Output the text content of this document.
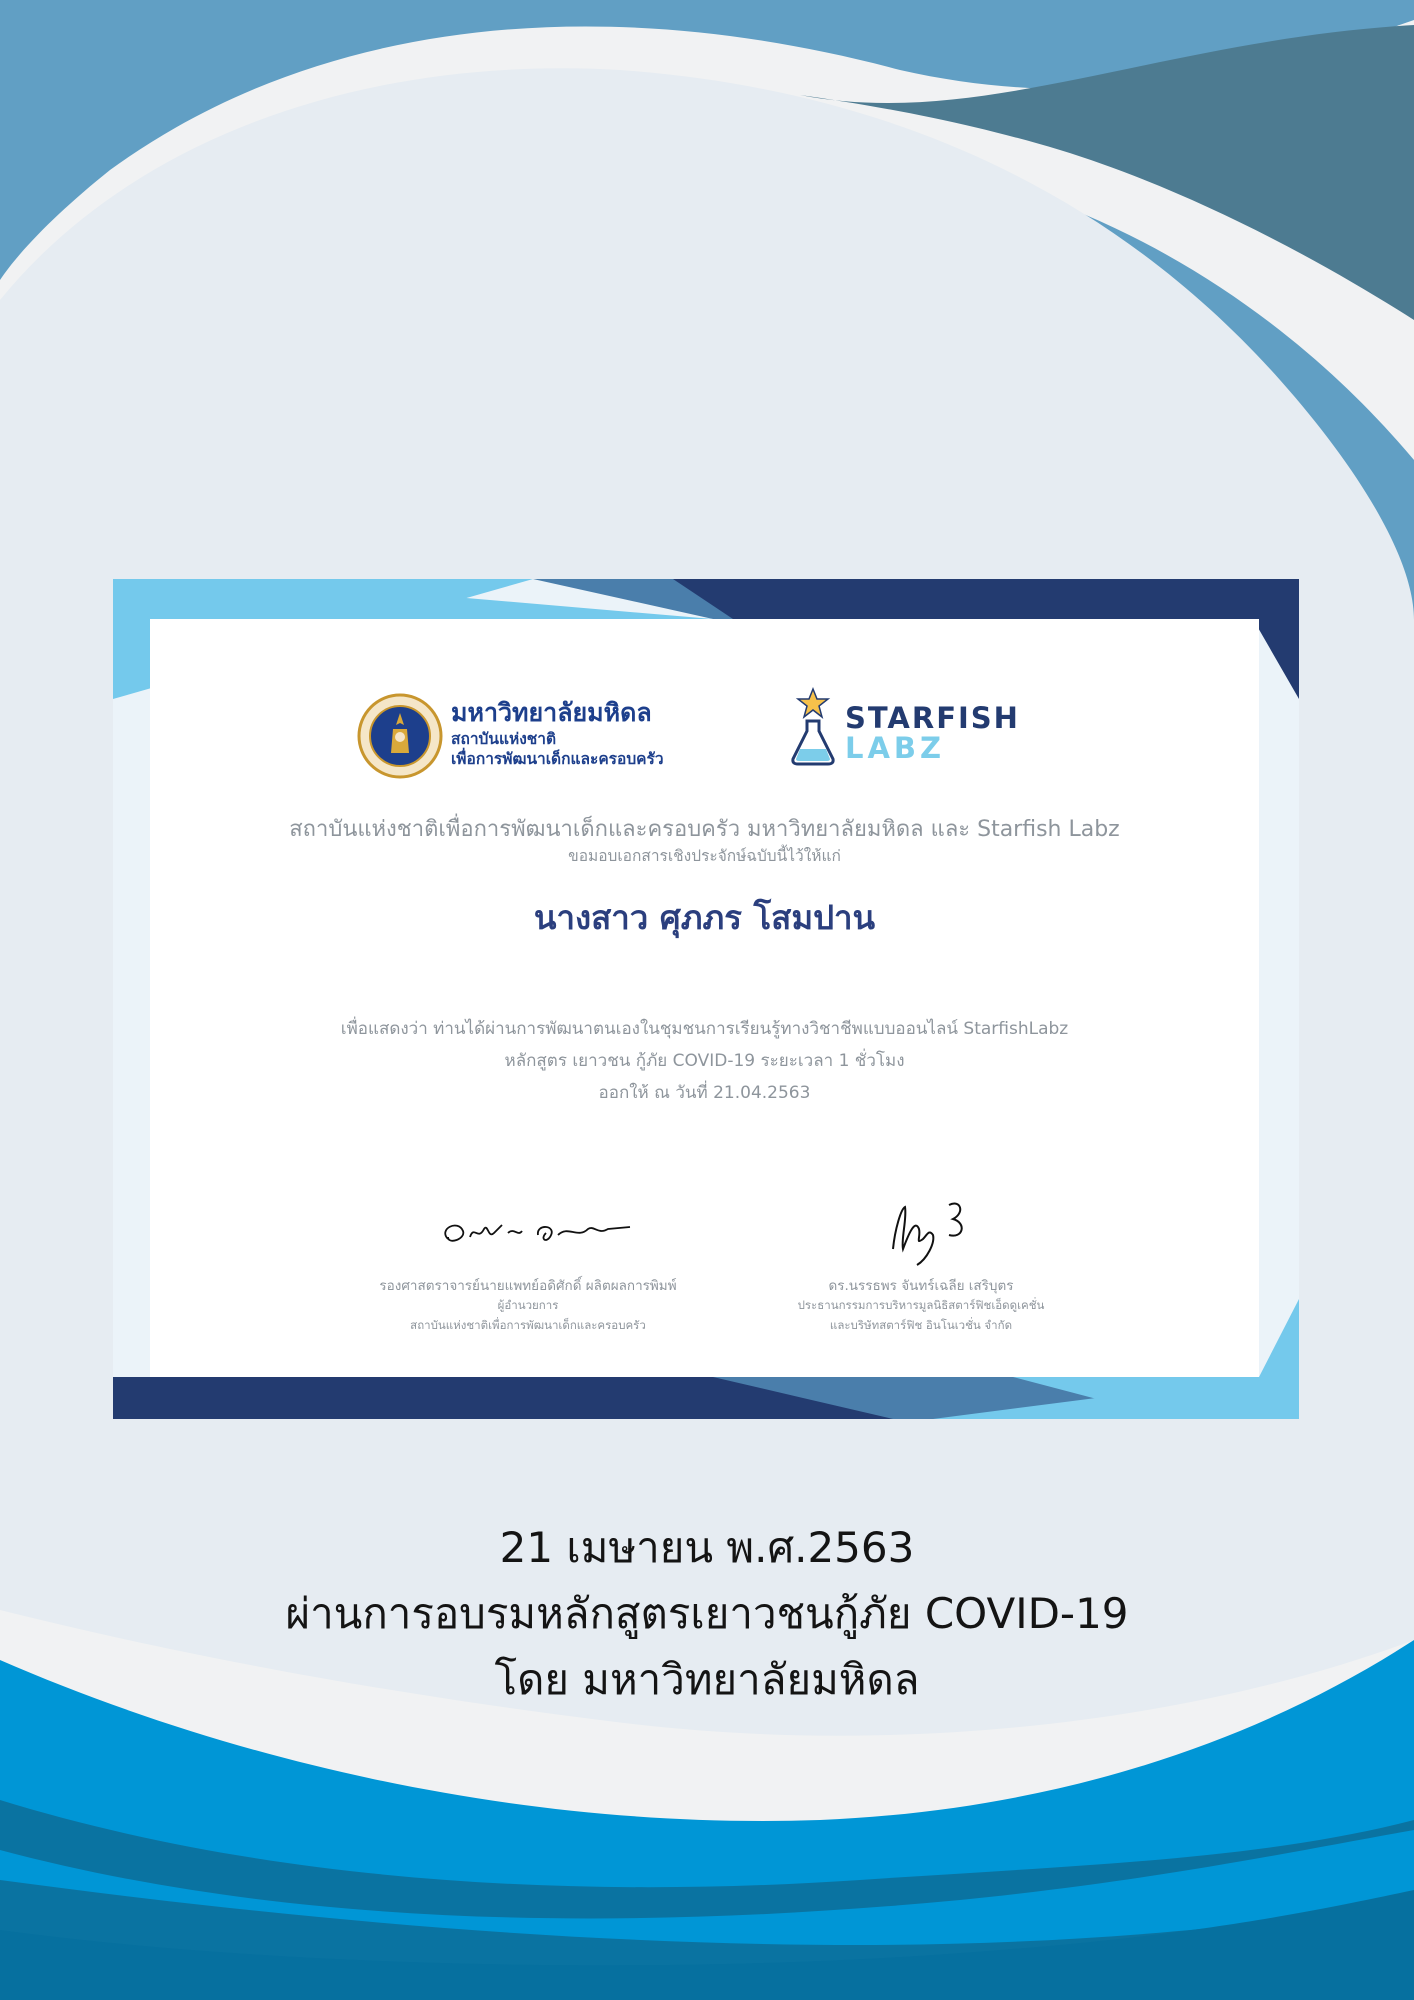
มหาวิทยาลัยมหิดล
สถาบันแห่งชาติ
เพื่อการพัฒนาเด็กและครอบครัว
STARFISH
LABZ
สถาบันแห่งชาติเพื่อการพัฒนาเด็กและครอบครัว มหาวิทยาลัยมหิดล และ Starfish Labz
ขอมอบเอกสารเชิงประจักษ์ฉบับนี้ไว้ให้แก่
นางสาว ศุภภร โสมปาน
เพื่อแสดงว่า ท่านได้ผ่านการพัฒนาตนเองในชุมชนการเรียนรู้ทางวิชาชีพแบบออนไลน์ StarfishLabz
หลักสูตร เยาวชน กู้ภัย COVID-19 ระยะเวลา 1 ชั่วโมง
ออกให้ ณ วันที่ 21.04.2563
รองศาสตราจารย์นายแพทย์อดิศักดิ์ ผลิตผลการพิมพ์
ผู้อำนวยการ
สถาบันแห่งชาติเพื่อการพัฒนาเด็กและครอบครัว
ดร.นรรธพร จันทร์เฉลีย เสริบุตร
ประธานกรรมการบริหารมูลนิธิสตาร์ฟิชเอ็ดดูเคชั่น
และบริษัทสตาร์ฟิช อินโนเวชั่น จำกัด
21 เมษายน พ.ศ.2563
ผ่านการอบรมหลักสูตรเยาวชนกู้ภัย COVID-19
โดย มหาวิทยาลัยมหิดล
